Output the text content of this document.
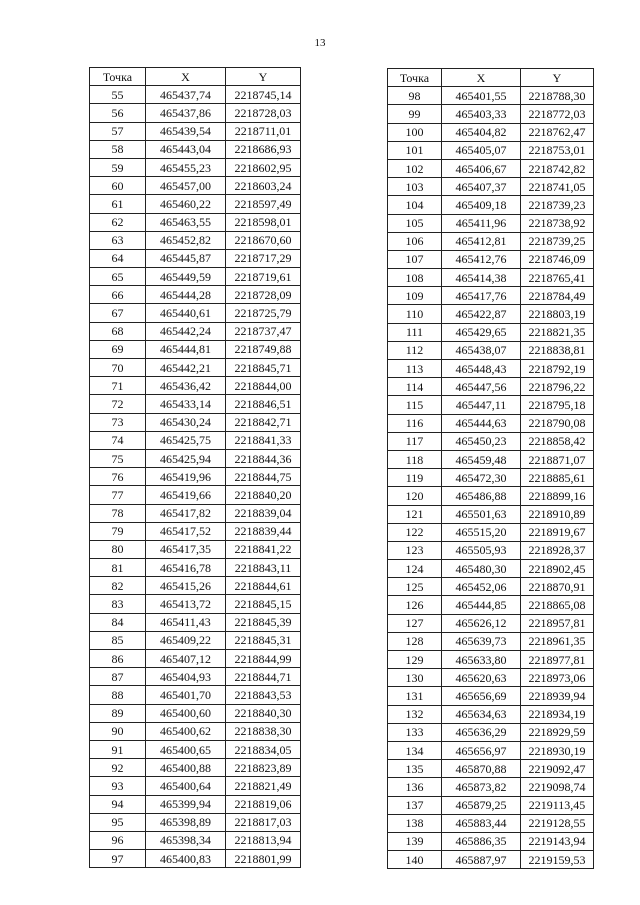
13
Точка	X	Y
55	465437,74	2218745,14
56	465437,86	2218728,03
57	465439,54	2218711,01
58	465443,04	2218686,93
59	465455,23	2218602,95
60	465457,00	2218603,24
61	465460,22	2218597,49
62	465463,55	2218598,01
63	465452,82	2218670,60
64	465445,87	2218717,29
65	465449,59	2218719,61
66	465444,28	2218728,09
67	465440,61	2218725,79
68	465442,24	2218737,47
69	465444,81	2218749,88
70	465442,21	2218845,71
71	465436,42	2218844,00
72	465433,14	2218846,51
73	465430,24	2218842,71
74	465425,75	2218841,33
75	465425,94	2218844,36
76	465419,96	2218844,75
77	465419,66	2218840,20
78	465417,82	2218839,04
79	465417,52	2218839,44
80	465417,35	2218841,22
81	465416,78	2218843,11
82	465415,26	2218844,61
83	465413,72	2218845,15
84	465411,43	2218845,39
85	465409,22	2218845,31
86	465407,12	2218844,99
87	465404,93	2218844,71
88	465401,70	2218843,53
89	465400,60	2218840,30
90	465400,62	2218838,30
91	465400,65	2218834,05
92	465400,88	2218823,89
93	465400,64	2218821,49
94	465399,94	2218819,06
95	465398,89	2218817,03
96	465398,34	2218813,94
97	465400,83	2218801,99
Точка	X	Y
98	465401,55	2218788,30
99	465403,33	2218772,03
100	465404,82	2218762,47
101	465405,07	2218753,01
102	465406,67	2218742,82
103	465407,37	2218741,05
104	465409,18	2218739,23
105	465411,96	2218738,92
106	465412,81	2218739,25
107	465412,76	2218746,09
108	465414,38	2218765,41
109	465417,76	2218784,49
110	465422,87	2218803,19
111	465429,65	2218821,35
112	465438,07	2218838,81
113	465448,43	2218792,19
114	465447,56	2218796,22
115	465447,11	2218795,18
116	465444,63	2218790,08
117	465450,23	2218858,42
118	465459,48	2218871,07
119	465472,30	2218885,61
120	465486,88	2218899,16
121	465501,63	2218910,89
122	465515,20	2218919,67
123	465505,93	2218928,37
124	465480,30	2218902,45
125	465452,06	2218870,91
126	465444,85	2218865,08
127	465626,12	2218957,81
128	465639,73	2218961,35
129	465633,80	2218977,81
130	465620,63	2218973,06
131	465656,69	2218939,94
132	465634,63	2218934,19
133	465636,29	2218929,59
134	465656,97	2218930,19
135	465870,88	2219092,47
136	465873,82	2219098,74
137	465879,25	2219113,45
138	465883,44	2219128,55
139	465886,35	2219143,94
140	465887,97	2219159,53
